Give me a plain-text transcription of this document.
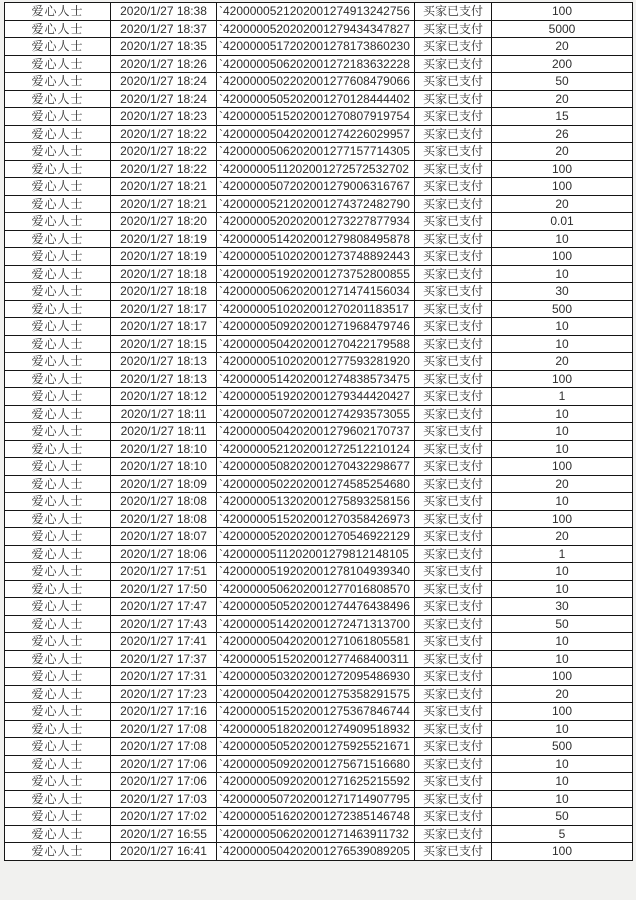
爱心人士	2020/1/27 18:38	`4200000521202001274913242756	买家已支付	100
爱心人士	2020/1/27 18:37	`4200000520202001279434347827	买家已支付	5000
爱心人士	2020/1/27 18:35	`4200000517202001278173860230	买家已支付	20
爱心人士	2020/1/27 18:26	`4200000506202001272183632228	买家已支付	200
爱心人士	2020/1/27 18:24	`4200000502202001277608479066	买家已支付	50
爱心人士	2020/1/27 18:24	`4200000505202001270128444402	买家已支付	20
爱心人士	2020/1/27 18:23	`4200000515202001270807919754	买家已支付	15
爱心人士	2020/1/27 18:22	`4200000504202001274226029957	买家已支付	26
爱心人士	2020/1/27 18:22	`4200000506202001277157714305	买家已支付	20
爱心人士	2020/1/27 18:22	`4200000511202001272572532702	买家已支付	100
爱心人士	2020/1/27 18:21	`4200000507202001279006316767	买家已支付	100
爱心人士	2020/1/27 18:21	`4200000521202001274372482790	买家已支付	20
爱心人士	2020/1/27 18:20	`4200000520202001273227877934	买家已支付	0.01
爱心人士	2020/1/27 18:19	`4200000514202001279808495878	买家已支付	10
爱心人士	2020/1/27 18:19	`4200000510202001273748892443	买家已支付	100
爱心人士	2020/1/27 18:18	`4200000519202001273752800855	买家已支付	10
爱心人士	2020/1/27 18:18	`4200000506202001271474156034	买家已支付	30
爱心人士	2020/1/27 18:17	`4200000510202001270201183517	买家已支付	500
爱心人士	2020/1/27 18:17	`4200000509202001271968479746	买家已支付	10
爱心人士	2020/1/27 18:15	`4200000504202001270422179588	买家已支付	10
爱心人士	2020/1/27 18:13	`4200000510202001277593281920	买家已支付	20
爱心人士	2020/1/27 18:13	`4200000514202001274838573475	买家已支付	100
爱心人士	2020/1/27 18:12	`4200000519202001279344420427	买家已支付	1
爱心人士	2020/1/27 18:11	`4200000507202001274293573055	买家已支付	10
爱心人士	2020/1/27 18:11	`4200000504202001279602170737	买家已支付	10
爱心人士	2020/1/27 18:10	`4200000521202001272512210124	买家已支付	10
爱心人士	2020/1/27 18:10	`4200000508202001270432298677	买家已支付	100
爱心人士	2020/1/27 18:09	`4200000502202001274585254680	买家已支付	20
爱心人士	2020/1/27 18:08	`4200000513202001275893258156	买家已支付	10
爱心人士	2020/1/27 18:08	`4200000515202001270358426973	买家已支付	100
爱心人士	2020/1/27 18:07	`4200000520202001270546922129	买家已支付	20
爱心人士	2020/1/27 18:06	`4200000511202001279812148105	买家已支付	1
爱心人士	2020/1/27 17:51	`4200000519202001278104939340	买家已支付	10
爱心人士	2020/1/27 17:50	`4200000506202001277016808570	买家已支付	10
爱心人士	2020/1/27 17:47	`4200000505202001274476438496	买家已支付	30
爱心人士	2020/1/27 17:43	`4200000514202001272471313700	买家已支付	50
爱心人士	2020/1/27 17:41	`4200000504202001271061805581	买家已支付	10
爱心人士	2020/1/27 17:37	`4200000515202001277468400311	买家已支付	10
爱心人士	2020/1/27 17:31	`4200000503202001272095486930	买家已支付	100
爱心人士	2020/1/27 17:23	`4200000504202001275358291575	买家已支付	20
爱心人士	2020/1/27 17:16	`4200000515202001275367846744	买家已支付	100
爱心人士	2020/1/27 17:08	`4200000518202001274909518932	买家已支付	10
爱心人士	2020/1/27 17:08	`4200000505202001275925521671	买家已支付	500
爱心人士	2020/1/27 17:06	`4200000509202001275671516680	买家已支付	10
爱心人士	2020/1/27 17:06	`4200000509202001271625215592	买家已支付	10
爱心人士	2020/1/27 17:03	`4200000507202001271714907795	买家已支付	10
爱心人士	2020/1/27 17:02	`4200000516202001272385146748	买家已支付	50
爱心人士	2020/1/27 16:55	`4200000506202001271463911732	买家已支付	5
爱心人士	2020/1/27 16:41	`4200000504202001276539089205	买家已支付	100
